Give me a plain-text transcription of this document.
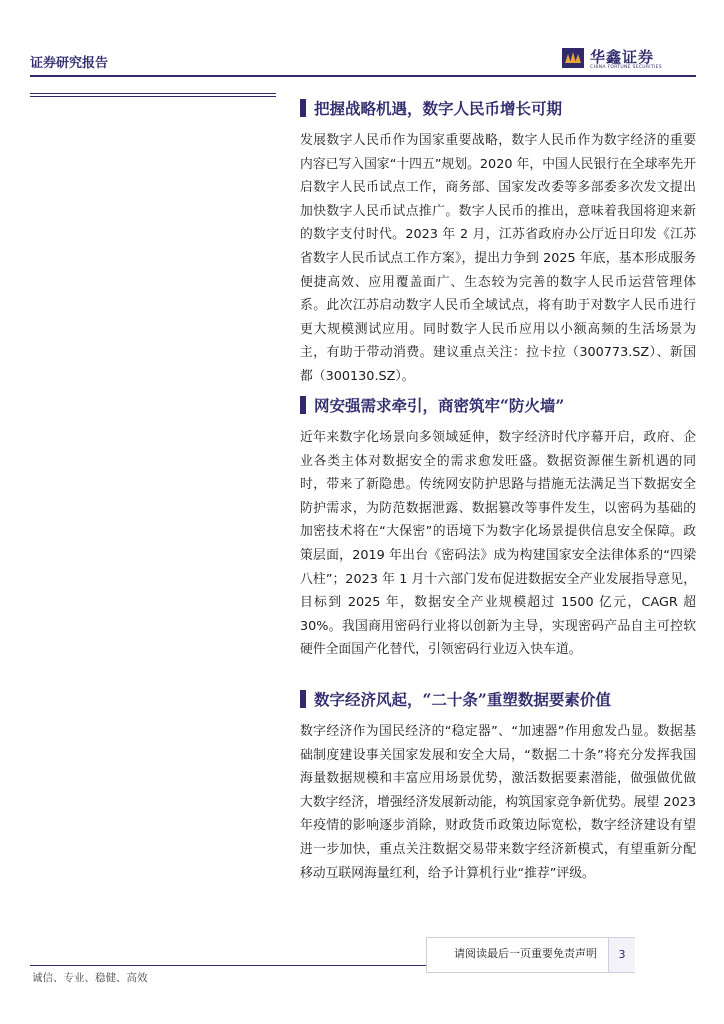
证券研究报告	华鑫证券
CHINA FORTUNE SECURITIES
把握战略机遇，数字人民币增长可期

发展数字人民币作为国家重要战略，数字人民币作为数字经济的重要内容已写入国家“十四五”规划。2020 年，中国人民银行在全球率先开启数字人民币试点工作，商务部、国家发改委等多部委多次发文提出加快数字人民币试点推广。数字人民币的推出，意味着我国将迎来新的数字支付时代。2023 年 2 月，江苏省政府办公厅近日印发《江苏省数字人民币试点工作方案》，提出力争到 2025 年底，基本形成服务便捷高效、应用覆盖面广、生态较为完善的数字人民币运营管理体系。此次江苏启动数字人民币全域试点，将有助于对数字人民币进行更大规模测试应用。同时数字人民币应用以小额高频的生活场景为主，有助于带动消费。建议重点关注：拉卡拉（300773.SZ）、新国都（300130.SZ）。

网安强需求牵引，商密筑牢“防火墙”

近年来数字化场景向多领域延伸，数字经济时代序幕开启，政府、企业各类主体对数据安全的需求愈发旺盛。数据资源催生新机遇的同时，带来了新隐患。传统网安防护思路与措施无法满足当下数据安全防护需求，为防范数据泄露、数据篡改等事件发生，以密码为基础的加密技术将在“大保密”的语境下为数字化场景提供信息安全保障。政策层面，2019 年出台《密码法》成为构建国家安全法律体系的“四梁八柱”；2023 年 1 月十六部门发布促进数据安全产业发展指导意见，目标到 2025 年，数据安全产业规模超过 1500 亿元，CAGR 超 30%。我国商用密码行业将以创新为主导，实现密码产品自主可控软硬件全面国产化替代，引领密码行业迈入快车道。

数字经济风起，“二十条”重塑数据要素价值

数字经济作为国民经济的“稳定器”、“加速器”作用愈发凸显。数据基础制度建设事关国家发展和安全大局，“数据二十条”将充分发挥我国海量数据规模和丰富应用场景优势，激活数据要素潜能，做强做优做大数字经济，增强经济发展新动能，构筑国家竞争新优势。展望 2023 年疫情的影响逐步消除，财政货币政策边际宽松，数字经济建设有望进一步加快，重点关注数据交易带来数字经济新模式，有望重新分配移动互联网海量红利，给予计算机行业“推荐”评级。

请阅读最后一页重要免责声明	3
诚信、专业、稳健、高效
